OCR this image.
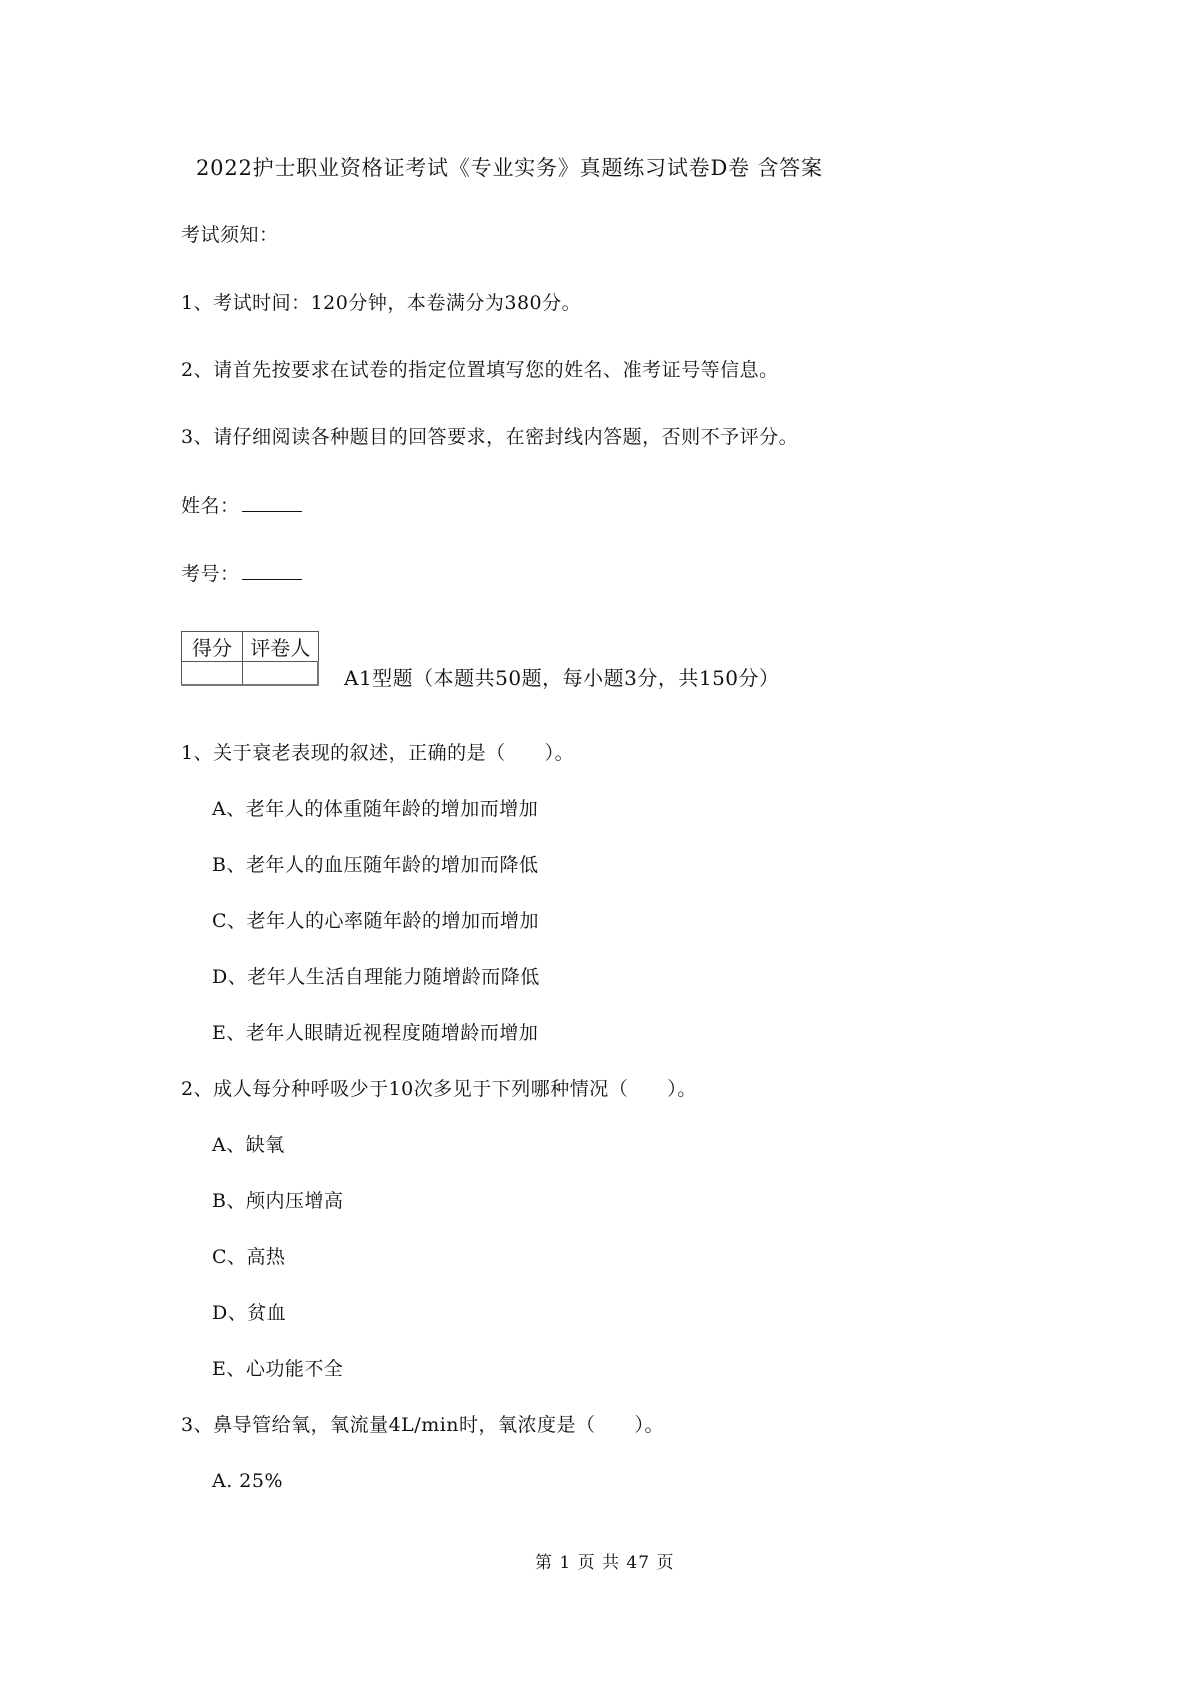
2022护士职业资格证考试《专业实务》真题练习试卷D卷 含答案
考试须知：
1、考试时间：120分钟，本卷满分为380分。
2、请首先按要求在试卷的指定位置填写您的姓名、准考证号等信息。
3、请仔细阅读各种题目的回答要求，在密封线内答题，否则不予评分。
姓名：
考号：
得分	评卷人

A1型题（本题共50题，每小题3分，共150分）
1、关于衰老表现的叙述，正确的是（　　）。
A、老年人的体重随年龄的增加而增加
B、老年人的血压随年龄的增加而降低
C、老年人的心率随年龄的增加而增加
D、老年人生活自理能力随增龄而降低
E、老年人眼睛近视程度随增龄而增加
2、成人每分种呼吸少于10次多见于下列哪种情况（　　）。
A、缺氧
B、颅内压增高
C、高热
D、贫血
E、心功能不全
3、鼻导管给氧，氧流量4L/min时，氧浓度是（　　）。
A. 25%
第 1 页 共 47 页
